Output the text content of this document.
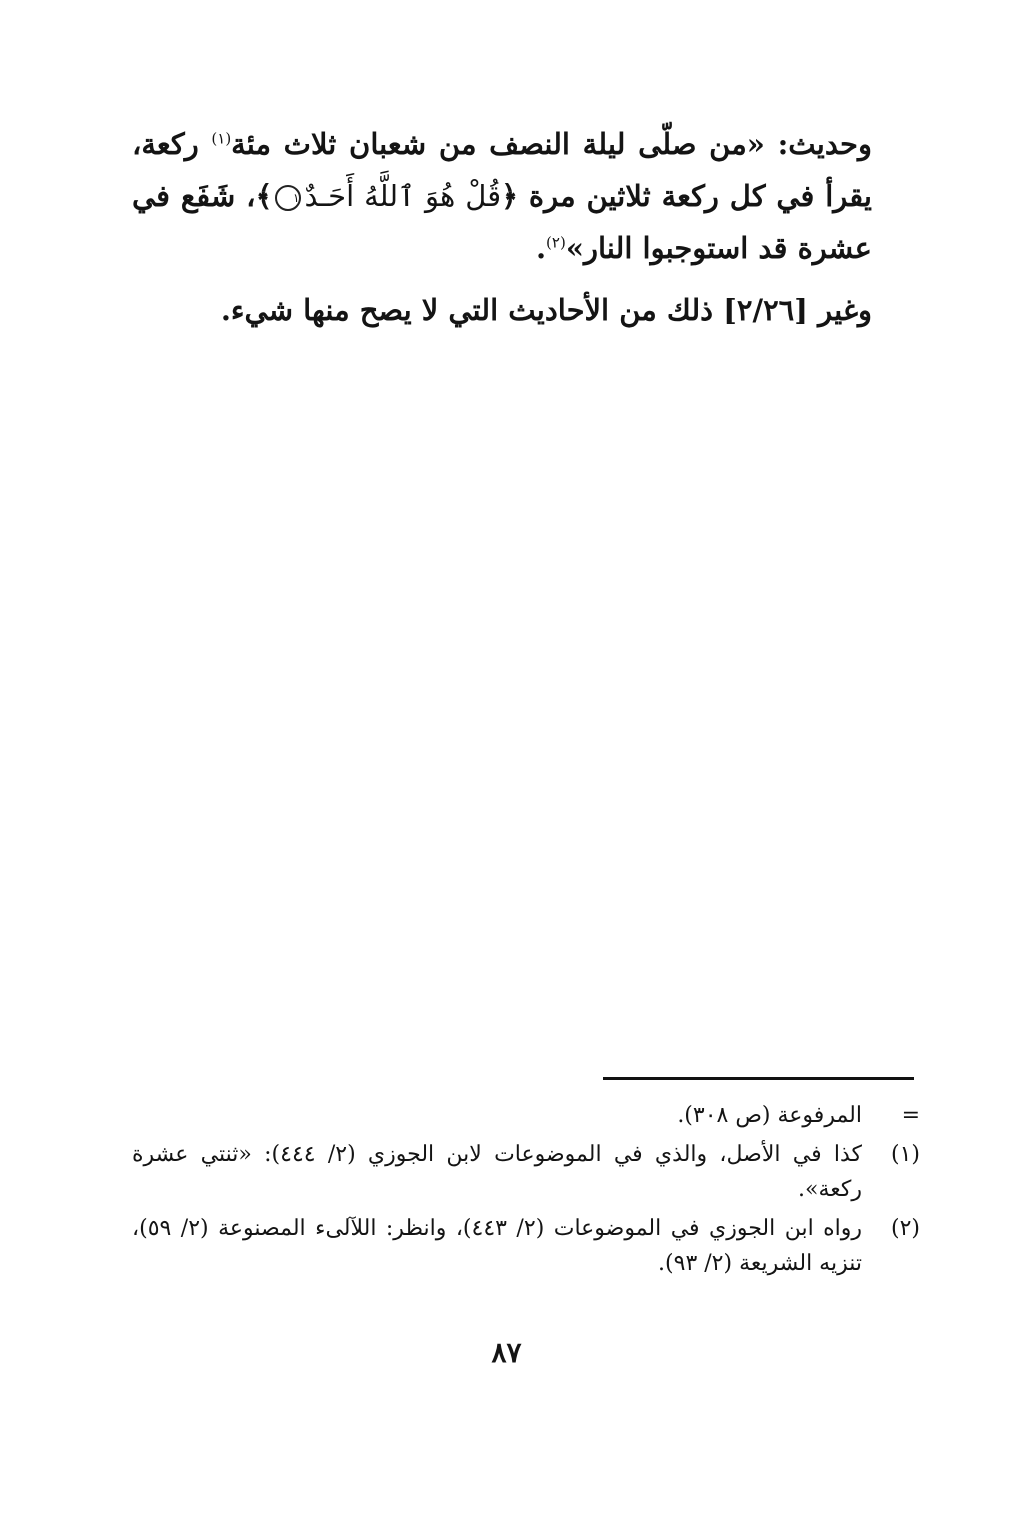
وحديث: «من صلّى ليلة النصف من شعبان ثلاث مئة$^{(١)}$ ركعة، يقرأ في كل ركعة ثلاثين مرة ﴿قُلْ هُوَ ٱللَّهُ أَحَـدٌ١﴾، شَفَع في عشرة قد استوجبوا النار»$^{(٢)}$.

وغير [٢/٢٦] ذلك من الأحاديث التي لا يصح منها شيء.

=
المرفوعة (ص ٣٠٨).
(١)
كذا في الأصل، والذي في الموضوعات لابن الجوزي (٢/ ٤٤٤): «ثنتي عشرة ركعة».
(٢)
رواه ابن الجوزي في الموضوعات (٢/ ٤٤٣)، وانظر: اللآلىء المصنوعة (٢/ ٥٩)، تنزيه الشريعة (٢/ ٩٣).
٨٧
